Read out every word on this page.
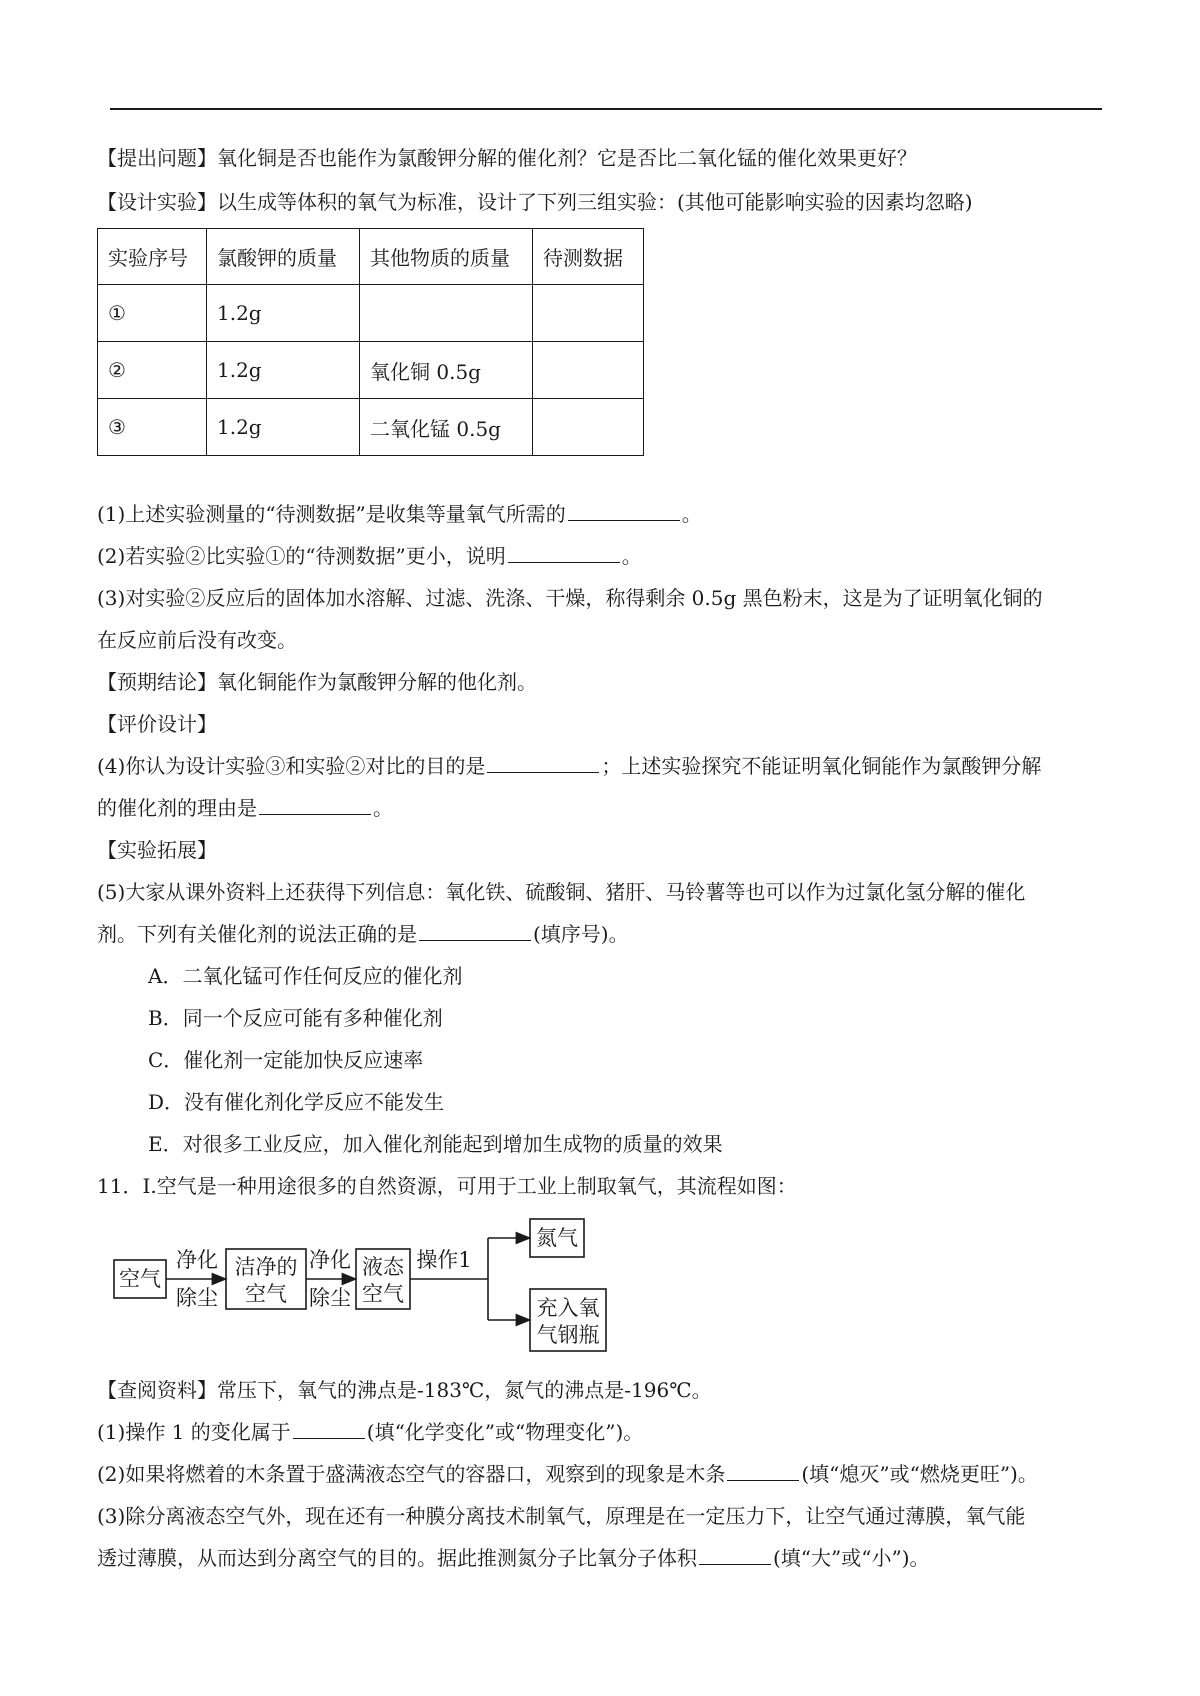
【提出问题】氧化铜是否也能作为氯酸钾分解的催化剂？它是否比二氧化锰的催化效果更好？
【设计实验】以生成等体积的氧气为标准，设计了下列三组实验：(其他可能影响实验的因素均忽略)
实验序号	氯酸钾的质量	其他物质的质量	待测数据
①	1.2g		
②	1.2g	氧化铜 0.5g	
③	1.2g	二氧化锰 0.5g	
(1)上述实验测量的“待测数据”是收集等量氧气所需的	。
(2)若实验②比实验①的“待测数据”更小，说明	。
(3)对实验②反应后的固体加水溶解、过滤、洗涤、干燥，称得剩余 0.5g 黑色粉末，这是为了证明氧化铜的
在反应前后没有改变。
【预期结论】氧化铜能作为氯酸钾分解的他化剂。
【评价设计】
(4)你认为设计实验③和实验②对比的目的是	；上述实验探究不能证明氧化铜能作为氯酸钾分解
的催化剂的理由是	。
【实验拓展】
(5)大家从课外资料上还获得下列信息：氧化铁、硫酸铜、猪肝、马铃薯等也可以作为过氯化氢分解的催化
剂。下列有关催化剂的说法正确的是	(填序号)。
A．二氧化锰可作任何反应的催化剂
B．同一个反应可能有多种催化剂
C．催化剂一定能加快反应速率
D．没有催化剂化学反应不能发生
E．对很多工业反应，加入催化剂能起到增加生成物的质量的效果
11．I.空气是一种用途很多的自然资源，可用于工业上制取氧气，其流程如图：
空气
净化
除尘
洁净的
空气
净化
除尘
液态
空气
操作1
氮气
充入氧
气钢瓶
【查阅资料】常压下，氧气的沸点是-183℃，氮气的沸点是-196℃。
(1)操作 1 的变化属于	(填“化学变化”或“物理变化”)。
(2)如果将燃着的木条置于盛满液态空气的容器口，观察到的现象是木条	(填“熄灭”或“燃烧更旺”)。
(3)除分离液态空气外，现在还有一种膜分离技术制氧气，原理是在一定压力下，让空气通过薄膜，氧气能
透过薄膜，从而达到分离空气的目的。据此推测氮分子比氧分子体积	(填“大”或“小”)。
